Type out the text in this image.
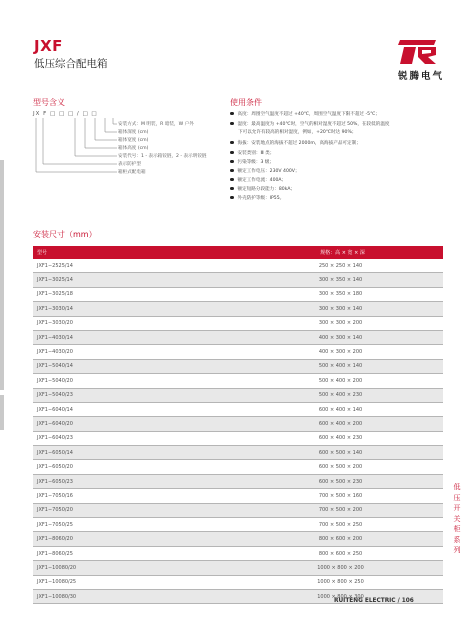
JXF
低压综合配电箱
锐腾电气
型号含义
JX F □ □ □ / □ □
安装方式：M 明装，R 暗装，W 户外
箱体深度 (cm)
箱体宽度 (cm)
箱体高度 (cm)
安装代号：1 - 表示箱铰链，2 - 表示明铰链
表示防护型
箱柜式配电箱
使用条件
高度：周围空气温度不超过 +40℃，周围空气温度下限不超过 -5℃；
湿度：最高温度为 +40℃时，空气的相对湿度不超过 50%，在较低的温度
下可以允许有较高的相对湿度，例如，+20℃时达 90%；
海拔：安装地点的海拔不超过 2000m，高海拔产品可定制；
安装类别：Ⅲ 类；
污染等级：3 级；
额定工作电压：230V 400V；
额定工作电流：400A；
额定短路分段能力：80kA；
外壳防护等级：IP55。
安装尺寸（mm）
型号	规格：高 × 宽 × 深
JXF1−2525/14	250 × 250 × 140
JXF1−3025/14	300 × 350 × 140
JXF1−3025/18	300 × 350 × 180
JXF1−3030/14	300 × 300 × 140
JXF1−3030/20	300 × 300 × 200
JXF1−4030/14	400 × 300 × 140
JXF1−4030/20	400 × 300 × 200
JXF1−5040/14	500 × 400 × 140
JXF1−5040/20	500 × 400 × 200
JXF1−5040/23	500 × 400 × 230
JXF1−6040/14	600 × 400 × 140
JXF1−6040/20	600 × 400 × 200
JXF1−6040/23	600 × 400 × 230
JXF1−6050/14	600 × 500 × 140
JXF1−6050/20	600 × 500 × 200
JXF1−6050/23	600 × 500 × 230
JXF1−7050/16	700 × 500 × 160
JXF1−7050/20	700 × 500 × 200
JXF1−7050/25	700 × 500 × 250
JXF1−8060/20	800 × 600 × 200
JXF1−8060/25	800 × 600 × 250
JXF1−10080/20	1000 × 800 × 200
JXF1−10080/25	1000 × 800 × 250
JXF1−10080/30	1000 × 800 × 300
低压开关柜系列
RUITENG ELECTRIC / 106
